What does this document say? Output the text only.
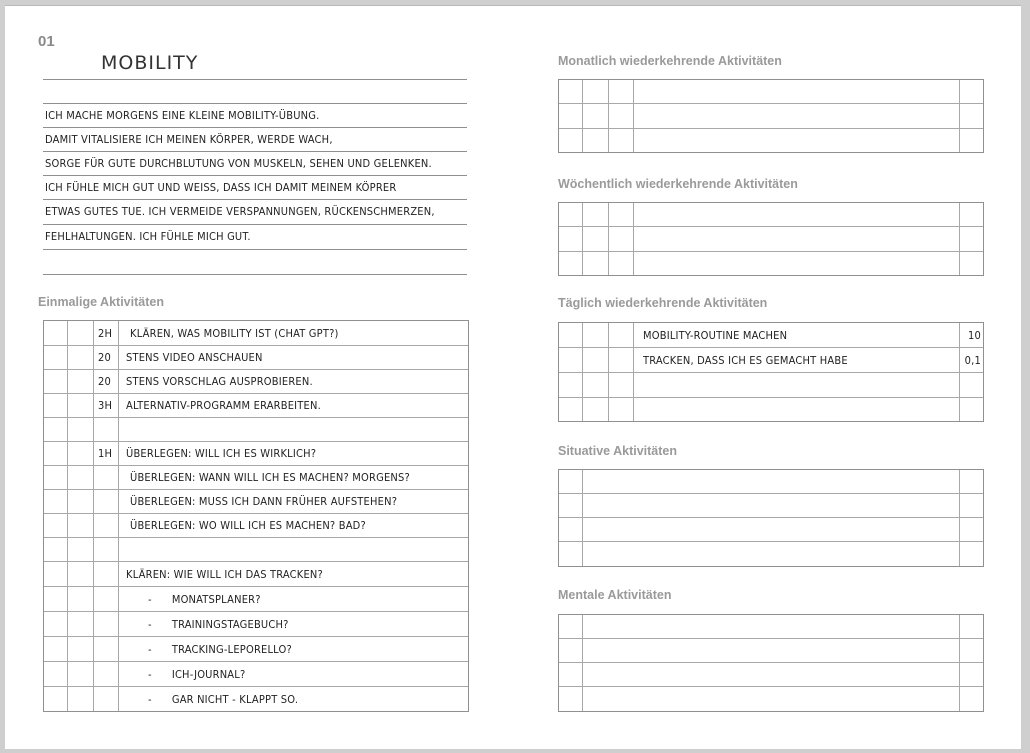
01
MOBILITY
ICH MACHE MORGENS EINE KLEINE MOBILITY-ÜBUNG.
DAMIT VITALISIERE ICH MEINEN KÖRPER, WERDE WACH,
SORGE FÜR GUTE DURCHBLUTUNG VON MUSKELN, SEHEN UND GELENKEN.
ICH FÜHLE MICH GUT UND WEISS, DASS ICH DAMIT MEINEM KÖPRER
ETWAS GUTES TUE. ICH VERMEIDE VERSPANNUNGEN, RÜCKENSCHMERZEN,
FEHLHALTUNGEN. ICH FÜHLE MICH GUT.
Einmalige Aktivitäten
2H	KLÄREN, WAS MOBILITY IST (CHAT GPT?)
20	STENS VIDEO ANSCHAUEN
20	STENS VORSCHLAG AUSPROBIEREN.
3H	ALTERNATIV-PROGRAMM ERARBEITEN.
1H	ÜBERLEGEN: WILL ICH ES WIRKLICH?
ÜBERLEGEN: WANN WILL ICH ES MACHEN? MORGENS?
ÜBERLEGEN: MUSS ICH DANN FRÜHER AUFSTEHEN?
ÜBERLEGEN: WO WILL ICH ES MACHEN? BAD?
KLÄREN: WIE WILL ICH DAS TRACKEN?
-      MONATSPLANER?
-      TRAININGSTAGEBUCH?
-      TRACKING-LEPORELLO?
-      ICH-JOURNAL?
-      GAR NICHT - KLAPPT SO.
Monatlich wiederkehrende Aktivitäten
Wöchentlich wiederkehrende Aktivitäten
Täglich wiederkehrende Aktivitäten
MOBILITY-ROUTINE MACHEN	10
TRACKEN, DASS ICH ES GEMACHT HABE	0,1
Situative Aktivitäten
Mentale Aktivitäten
